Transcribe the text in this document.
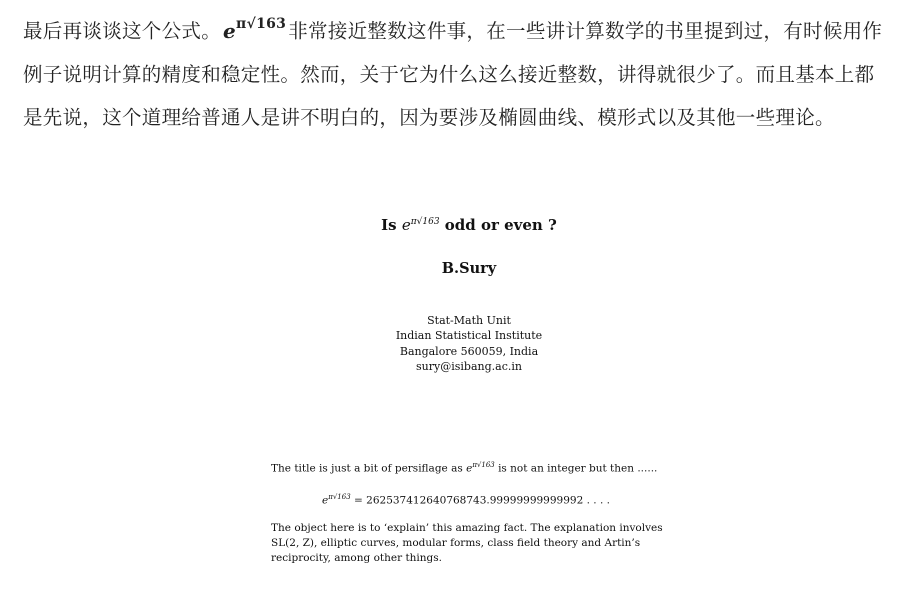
最后再谈谈这个公式。 $e^{\pi√163}$ 非常接近整数这件事，在一些讲计算数学的书里提到过，有时候用作例子说明计算的精度和稳定性。然而，关于它为什么这么接近整数，讲得就很少了。而且基本上都是先说，这个道理给普通人是讲不明白的，因为要涉及椭圆曲线、模形式以及其他一些理论。
Is $e^{\pi√163}$ odd or even ?
B.Sury
Stat-Math Unit
Indian Statistical Institute
Bangalore 560059, India
sury@isibang.ac.in

The title is just a bit of persiflage as $e^{\pi√163}$ is not an integer but then ......

$e^{\pi√163} = 262537412640768743.99999999999992$ . . . .

The object here is to ‘explain’ this amazing fact. The explanation involves SL(2, Z), elliptic curves, modular forms, class field theory and Artin’s reciprocity, among other things.
